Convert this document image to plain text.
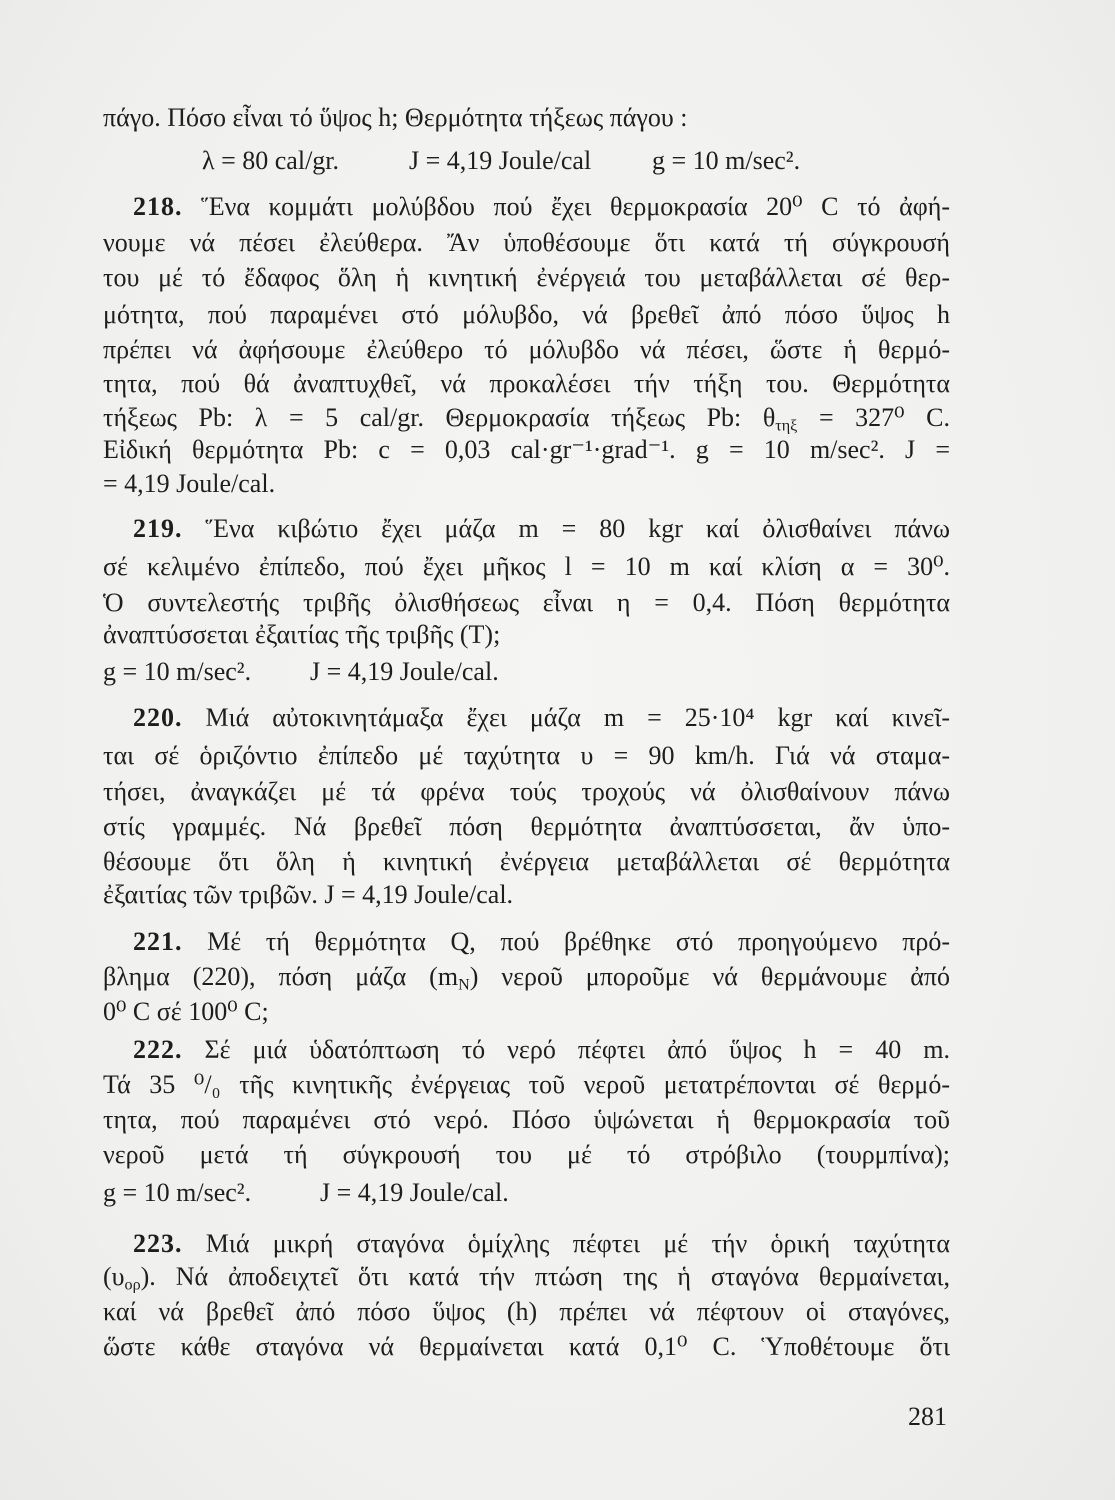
πάγο. Πόσο εἶναι τό ὕψος h; Θερμότητα τήξεως πάγου :
λ = 80 cal/gr.	J = 4,19 Joule/cal g = 10 m/sec².
218. Ἕνα κομμάτι μολύβδου πού ἔχει θερμοκρασία 20⁰ C τό ἀφή-
νουμε νά πέσει ἐλεύθερα. Ἄν ὑποθέσουμε ὅτι κατά τή σύγκρουσή
του μέ τό ἔδαφος ὅλη ἡ κινητική ἐνέργειά του μεταβάλλεται σέ θερ-
μότητα, πού παραμένει στό μόλυβδο, νά βρεθεῖ ἀπό πόσο ὕψος h
πρέπει νά ἀφήσουμε ἐλεύθερο τό μόλυβδο νά πέσει, ὥστε ἡ θερμό-
τητα, πού θά ἀναπτυχθεῖ, νά προκαλέσει τήν τήξη του. Θερμότητα
τήξεως Pb: λ = 5 cal/gr. Θερμοκρασία τήξεως Pb: $\theta_{\tau\eta\xi} = 327^0$ C.
Εἰδική θερμότητα Pb: c = 0,03 cal·gr⁻¹·grad⁻¹. g = 10 m/sec². J =
= 4,19 Joule/cal.
219. Ἕνα κιβώτιο ἔχει μάζα m = 80 kgr καί ὀλισθαίνει πάνω
σέ κελιμένο ἐπίπεδο, πού ἔχει μῆκος l = 10 m καί κλίση α = 30⁰.
Ὁ συντελεστής τριβῆς ὀλισθήσεως εἶναι η = 0,4. Πόση θερμότητα
ἀναπτύσσεται ἐξαιτίας τῆς τριβῆς (Τ);
g = 10 m/sec². J = 4,19 Joule/cal.
220. Μιά αὐτοκινητάμαξα ἔχει μάζα m = 25·10⁴ kgr καί κινεῖ-
ται σέ ὁριζόντιο ἐπίπεδο μέ ταχύτητα υ = 90 km/h. Γιά νά σταμα-
τήσει, ἀναγκάζει μέ τά φρένα τούς τροχούς νά ὀλισθαίνουν πάνω
στίς γραμμές. Νά βρεθεῖ πόση θερμότητα ἀναπτύσσεται, ἄν ὑπο-
θέσουμε ὅτι ὅλη ἡ κινητική ἐνέργεια μεταβάλλεται σέ θερμότητα
ἐξαιτίας τῶν τριβῶν. J = 4,19 Joule/cal.
221. Μέ τή θερμότητα Q, πού βρέθηκε στό προηγούμενο πρό-
βλημα (220), πόση μάζα $(m_N)$ νεροῦ μποροῦμε νά θερμάνουμε ἀπό
0⁰ C σέ 100⁰ C;
222. Σέ μιά ὑδατόπτωση τό νερό πέφτει ἀπό ὕψος h = 40 m.
Τά 35 ⁰/₀ τῆς κινητικῆς ἐνέργειας τοῦ νεροῦ μετατρέπονται σέ θερμό-
τητα, πού παραμένει στό νερό. Πόσο ὑψώνεται ἡ θερμοκρασία τοῦ
νεροῦ μετά τή σύγκρουσή του μέ τό στρόβιλο (τουρμπίνα);
g = 10 m/sec².	J = 4,19 Joule/cal.
223. Μιά μικρή σταγόνα ὁμίχλης πέφτει μέ τήν ὁρική ταχύτητα
$(\upsilon_{o\rho})$. Νά ἀποδειχτεῖ ὅτι κατά τήν πτώση της ἡ σταγόνα θερμαίνεται,
καί νά βρεθεῖ ἀπό πόσο ὕψος (h) πρέπει νά πέφτουν οἱ σταγόνες,
ὥστε κάθε σταγόνα νά θερμαίνεται κατά 0,1⁰ C. Ὑποθέτουμε ὅτι
281
